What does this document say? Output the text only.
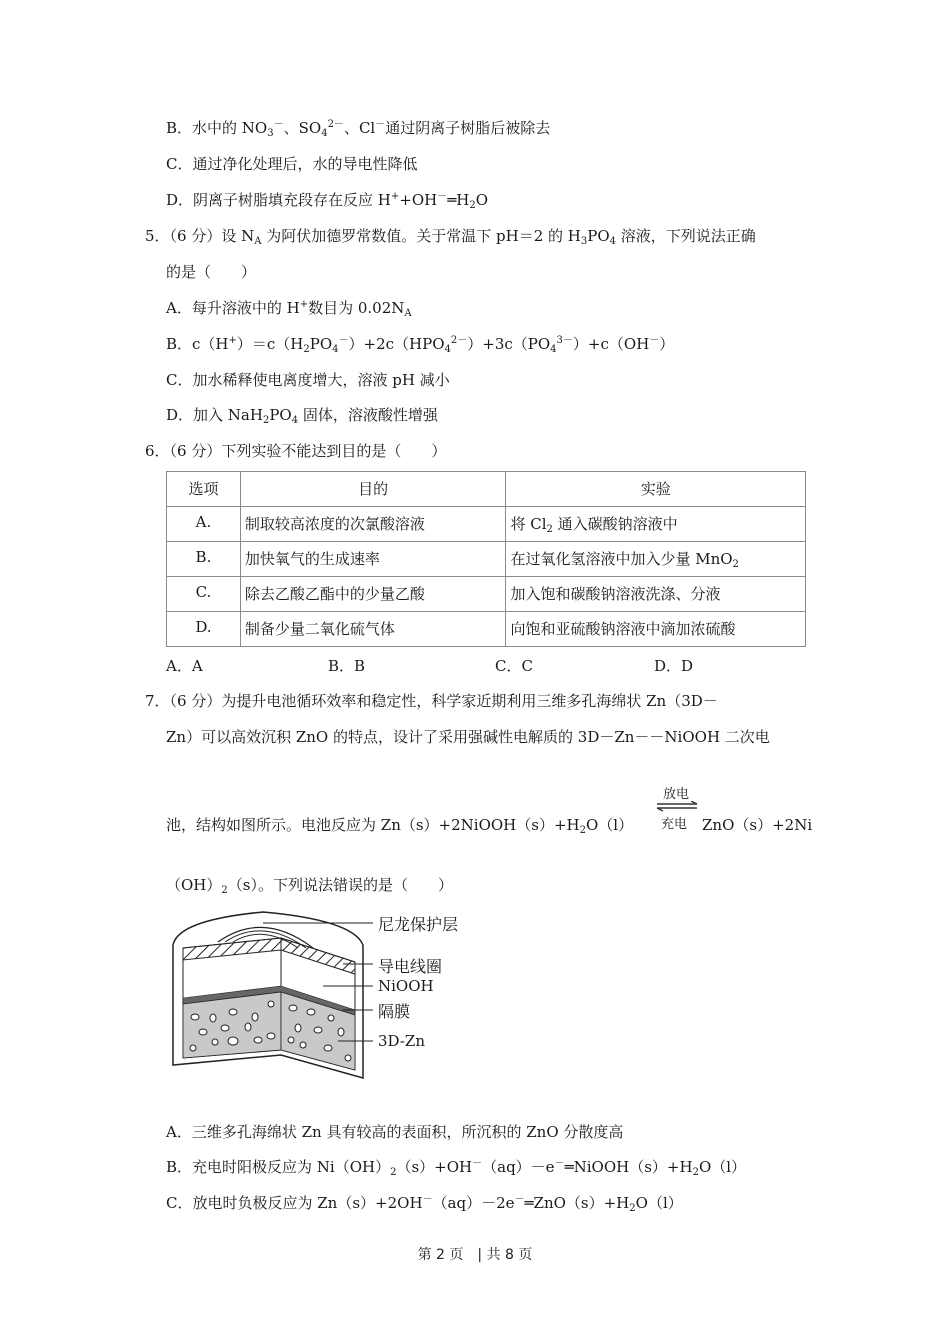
B．水中的 $NO_3^-$、$SO_4^{2-}$、Cl－通过阴离子树脂后被除去
C．通过净化处理后，水的导电性降低
D．阴离子树脂填充段存在反应 $H^++OH^-═H_2O$
5．（6 分）设 $N_A$ 为阿伏加德罗常数值。关于常温下 pH＝2 的 $H_3PO_4$ 溶液，下列说法正确
的是（　　）
A．每升溶液中的 H+数目为 $0.02N_A$
B．$c(H^+)=c(H_2PO_4^-)+2c(HPO_4^{2-})+3c(PO_4^{3-})+c(OH^-)$
C．加水稀释使电离度增大，溶液 pH 减小
D．加入 $NaH_2PO_4$ 固体，溶液酸性增强
6．（6 分）下列实验不能达到目的是（　　）
选项	目的	实验
A.	制取较高浓度的次氯酸溶液	将 $Cl_2$ 通入碳酸钠溶液中
B.	加快氧气的生成速率	在过氧化氢溶液中加入少量 MnO$_2$
C.	除去乙酸乙酯中的少量乙酸	加入饱和碳酸钠溶液洗涤、分液
D.	制备少量二氧化硫气体	向饱和亚硫酸钠溶液中滴加浓硫酸
A．A	B．B	C．C	D．D
7．（6 分）为提升电池循环效率和稳定性，科学家近期利用三维多孔海绵状 Zn（3D－
Zn）可以高效沉积 ZnO 的特点，设计了采用强碱性电解质的 3D－Zn－－NiOOH 二次电
池，结构如图所示。电池反应为 $Zn(s)+2NiOOH(s)+H_2O(l)$
放电
充电 ZnO（s）+2Ni
$(OH)_2(s)$。下列说法错误的是（　　）
尼龙保护层
导电线圈
NiOOH
隔膜
3D-Zn
A．三维多孔海绵状 Zn 具有较高的表面积，所沉积的 ZnO 分散度高
B．充电时阳极反应为 $Ni(OH)_2(s)+OH^-(aq)-e^-═NiOOH(s)+H_2O(l)$
C．放电时负极反应为 $Zn(s)+2OH^-(aq)-2e^-═ZnO(s)+H_2O(l)$
第 2 页　| 共 8 页
